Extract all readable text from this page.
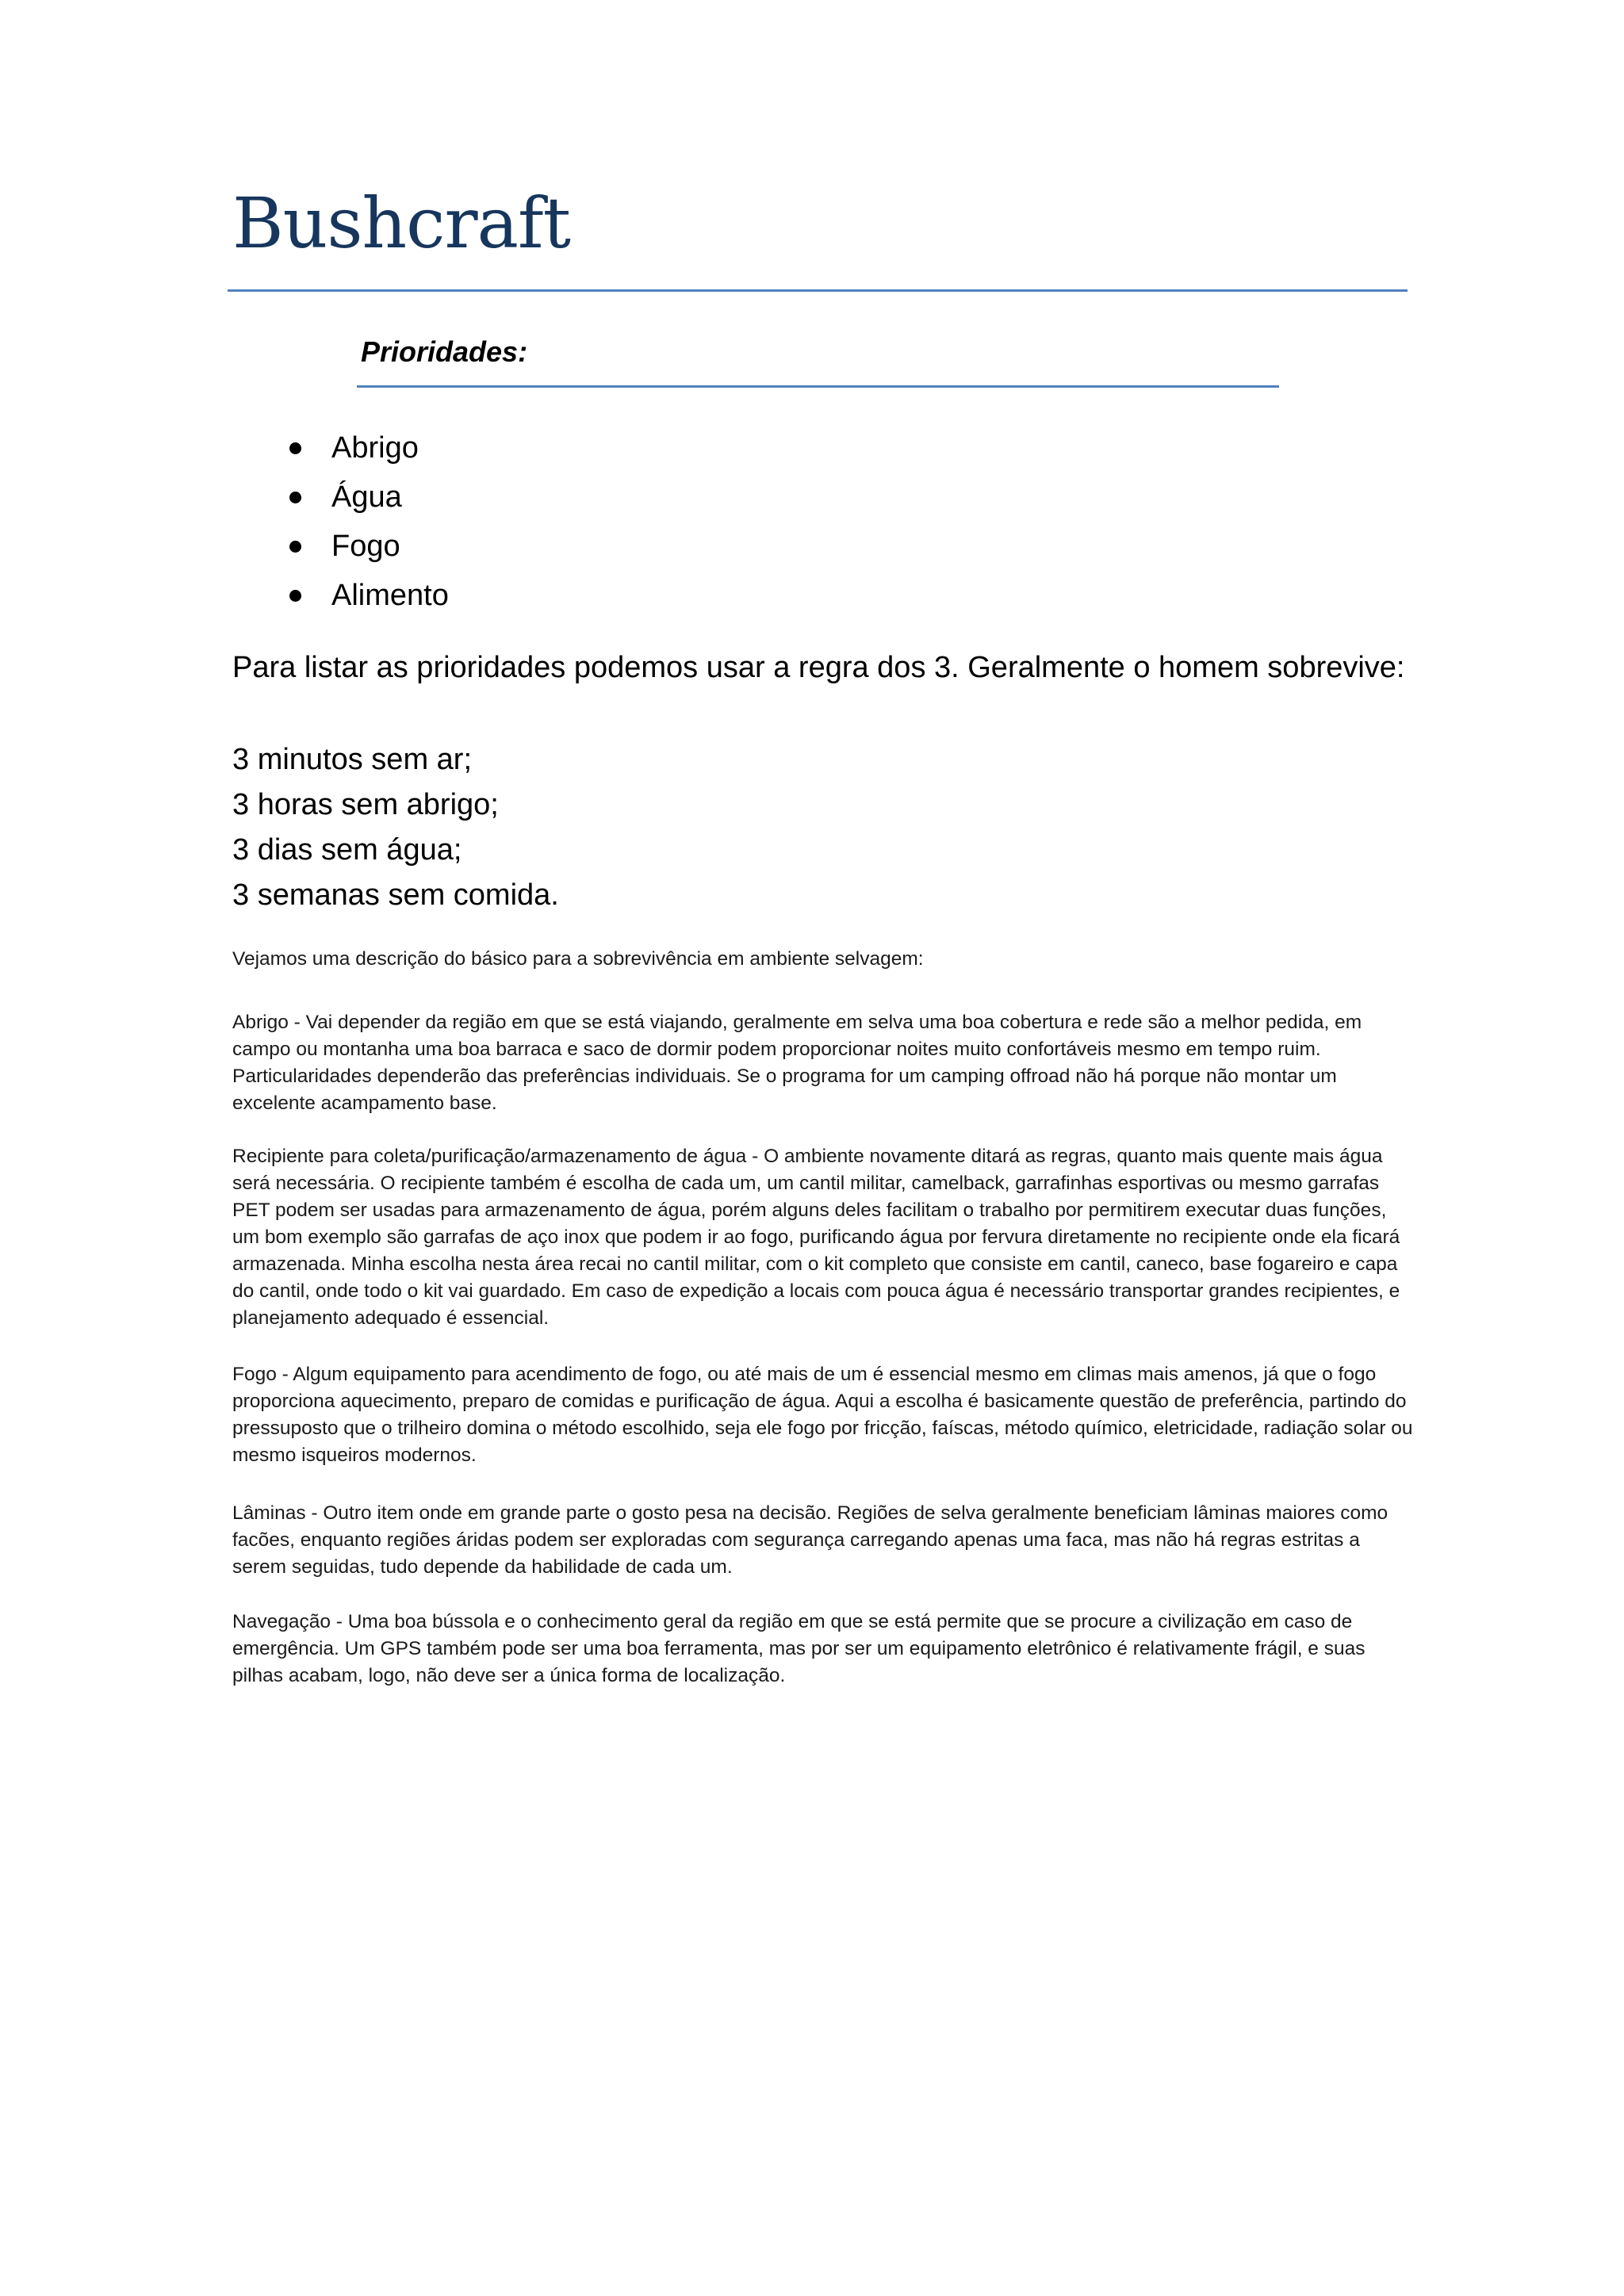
Bushcraft
Prioridades:
Abrigo
Água
Fogo
Alimento
Para listar as prioridades podemos usar a regra dos 3. Geralmente o homem sobrevive:
3 minutos sem ar;
3 horas sem abrigo;
3 dias sem água;
3 semanas sem comida.

Vejamos uma descrição do básico para a sobrevivência em ambiente selvagem:

Abrigo - Vai depender da região em que se está viajando, geralmente em selva uma boa cobertura e rede são a melhor pedida, em campo ou montanha uma boa barraca e saco de dormir podem proporcionar noites muito confortáveis mesmo em tempo ruim. Particularidades dependerão das preferências individuais. Se o programa for um camping offroad não há porque não montar um excelente acampamento base.

Recipiente para coleta/purificação/armazenamento de água - O ambiente novamente ditará as regras, quanto mais quente mais água será necessária. O recipiente também é escolha de cada um, um cantil militar, camelback, garrafinhas esportivas ou mesmo garrafas PET podem ser usadas para armazenamento de água, porém alguns deles facilitam o trabalho por permitirem executar duas funções, um bom exemplo são garrafas de aço inox que podem ir ao fogo, purificando água por fervura diretamente no recipiente onde ela ficará armazenada. Minha escolha nesta área recai no cantil militar, com o kit completo que consiste em cantil, caneco, base fogareiro e capa do cantil, onde todo o kit vai guardado. Em caso de expedição a locais com pouca água é necessário transportar grandes recipientes, e planejamento adequado é essencial.

Fogo - Algum equipamento para acendimento de fogo, ou até mais de um é essencial mesmo em climas mais amenos, já que o fogo proporciona aquecimento, preparo de comidas e purificação de água. Aqui a escolha é basicamente questão de preferência, partindo do pressuposto que o trilheiro domina o método escolhido, seja ele fogo por fricção, faíscas, método químico, eletricidade, radiação solar ou mesmo isqueiros modernos.

Lâminas - Outro item onde em grande parte o gosto pesa na decisão. Regiões de selva geralmente beneficiam lâminas maiores como facões, enquanto regiões áridas podem ser exploradas com segurança carregando apenas uma faca, mas não há regras estritas a serem seguidas, tudo depende da habilidade de cada um.

Navegação - Uma boa bússola e o conhecimento geral da região em que se está permite que se procure a civilização em caso de emergência. Um GPS também pode ser uma boa ferramenta, mas por ser um equipamento eletrônico é relativamente frágil, e suas pilhas acabam, logo, não deve ser a única forma de localização.
